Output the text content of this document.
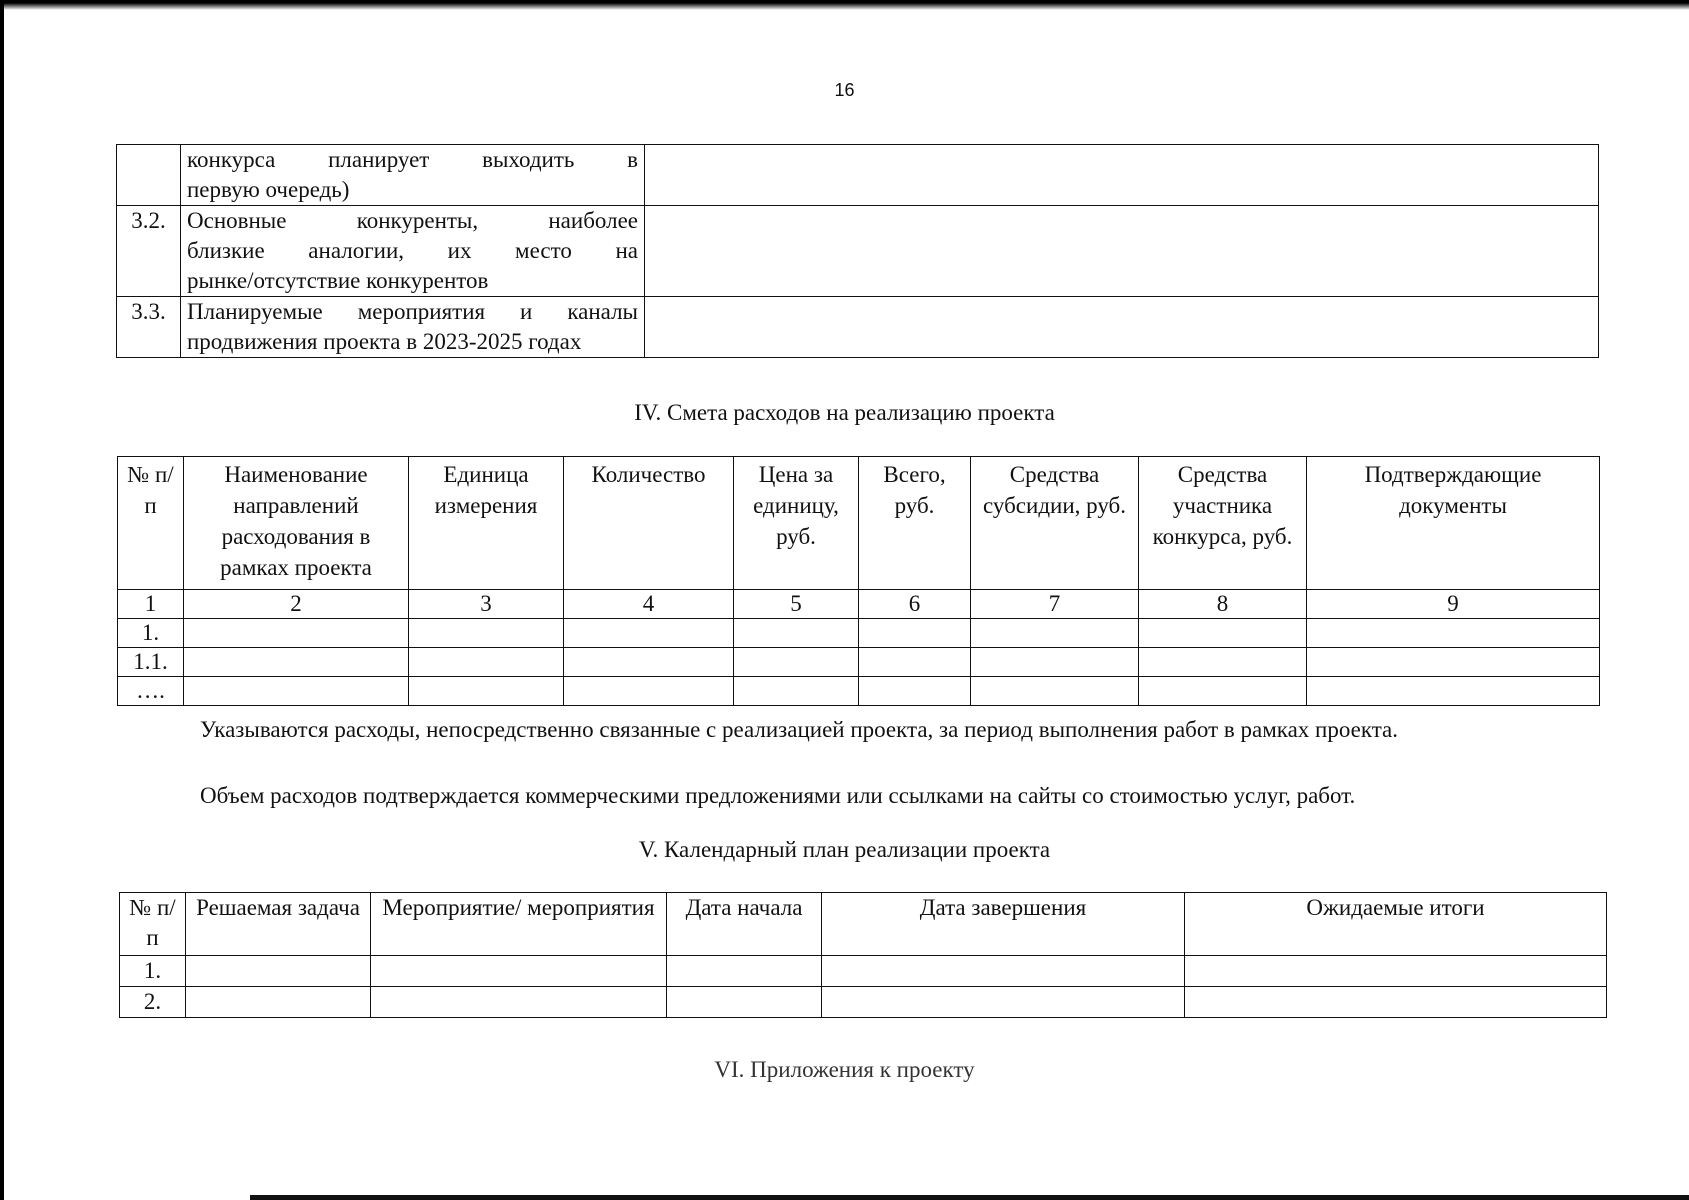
16

	конкурса планирует выходить в
первую очередь)	

3.2.	Основные конкуренты, наиболее
близкие аналогии, их место на
рынке/отсутствие конкурентов	

3.3.	Планируемые мероприятия и каналы
продвижения проекта в 2023-2025 годах	

IV. Смета расходов на реализацию проекта
№ п/п	Наименование направлений расходования в рамках проекта	Единица измерения	Количество	Цена за единицу, руб.	Всего, руб.	Средства субсидии, руб.	Средства участника конкурса, руб.	Подтверждающие документы
1	2	3	4	5	6	7	8	9
1.								
1.1.								
….								
Указываются расходы, непосредственно связанные с реализацией проекта, за период выполнения работ в рамках проекта.
Объем расходов подтверждается коммерческими предложениями или ссылками на сайты со стоимостью услуг, работ.
V. Календарный план реализации проекта
№ п/п	Решаемая задача	Мероприятие/ мероприятия	Дата начала	Дата завершения	Ожидаемые итоги
1.					
2.					
VI. Приложения к проекту
